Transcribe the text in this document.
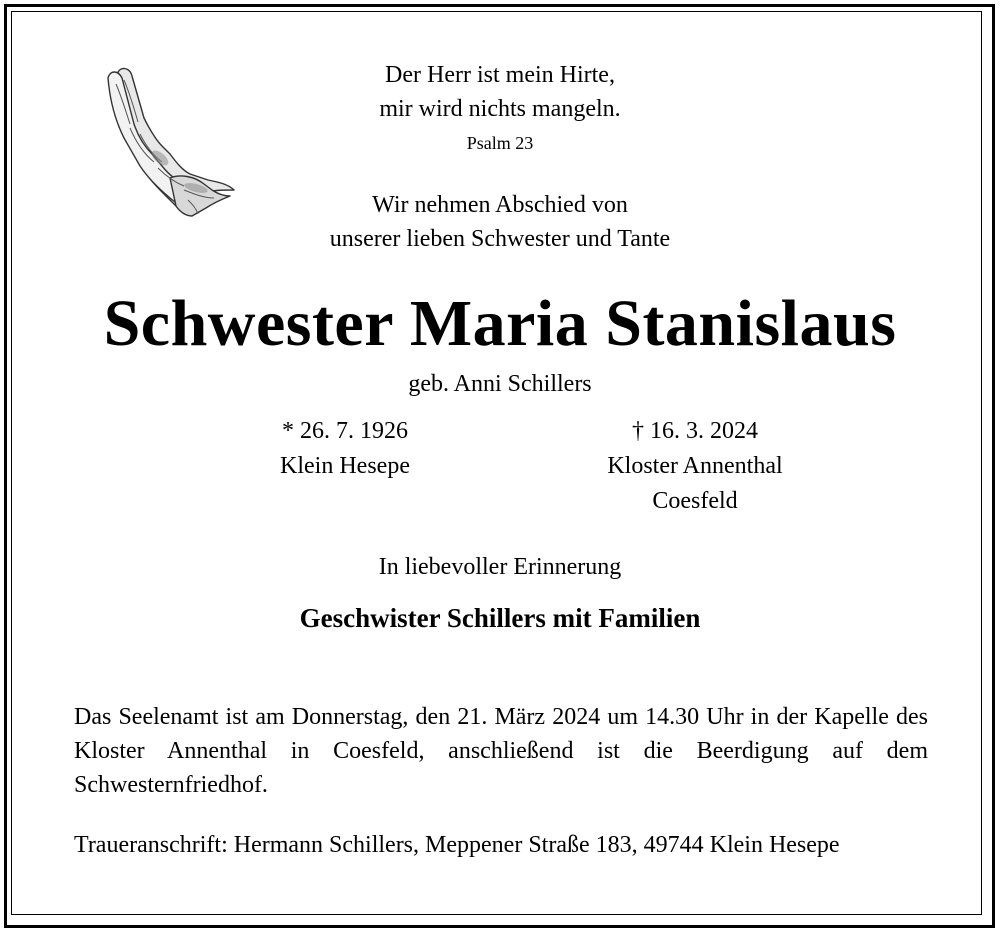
Der Herr ist mein Hirte,
mir wird nichts mangeln.
Psalm 23
Wir nehmen Abschied von
unserer lieben Schwester und Tante
Schwester Maria Stanislaus
geb. Anni Schillers
* 26. 7. 1926
Klein Hesepe
† 16. 3. 2024
Kloster Annenthal
Coesfeld
In liebevoller Erinnerung
Geschwister Schillers mit Familien
Das Seelenamt ist am Donnerstag, den 21. März 2024 um 14.30 Uhr in der Kapelle des Kloster Annenthal in Coesfeld, anschließend ist die Beerdigung auf dem Schwesternfriedhof.
Traueranschrift: Hermann Schillers, Meppener Straße 183, 49744 Klein Hesepe
